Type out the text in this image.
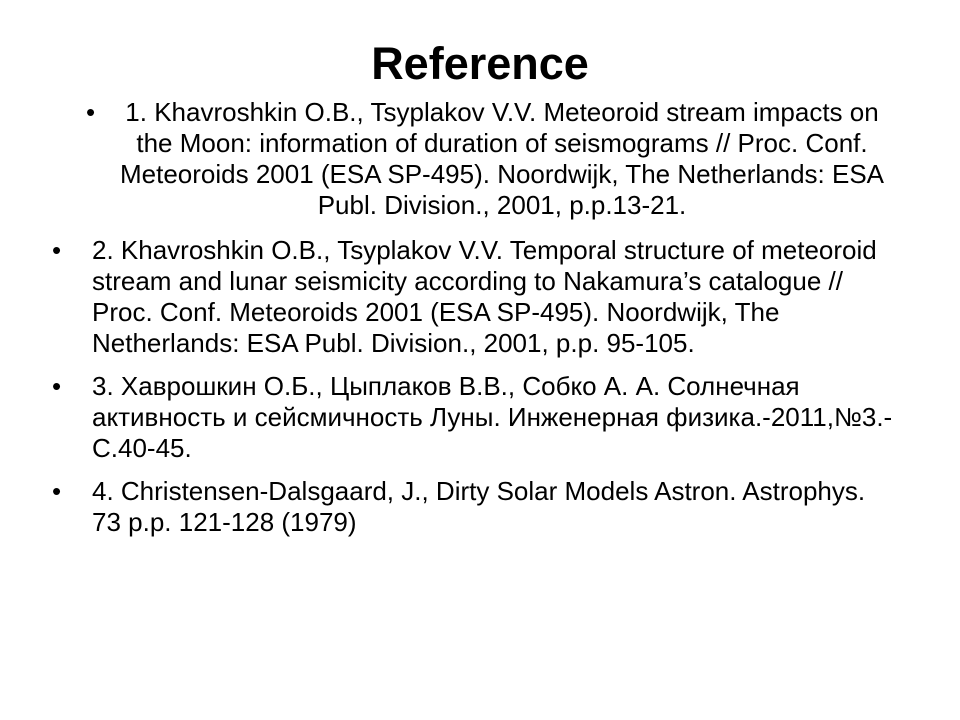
Reference
•	1. Khavroshkin O.B., Tsyplakov V.V. Meteoroid stream impacts on the Moon: information of duration of seismograms // Proc. Conf. Meteoroids 2001 (ESA SP-495). Noordwijk, The Netherlands: ESA Publ. Division., 2001, p.p.13-21.
• 2. Khavroshkin O.B., Tsyplakov V.V. Temporal structure of meteoroid stream and lunar seismicity according to Nakamura’s catalogue // Proc. Conf. Meteoroids 2001 (ESA SP-495). Noordwijk, The Netherlands: ESA Publ. Division., 2001, p.p. 95-105.
• 3. Хаврошкин О.Б., Цыплаков В.В., Собко А. А. Солнечная активность и сейсмичность Луны. Инженерная физика.-2011,№3.-С.40-45.
• 4. Christensen-Dalsgaard, J., Dirty Solar Models Astron. Astrophys. 73 p.p. 121-128 (1979)
